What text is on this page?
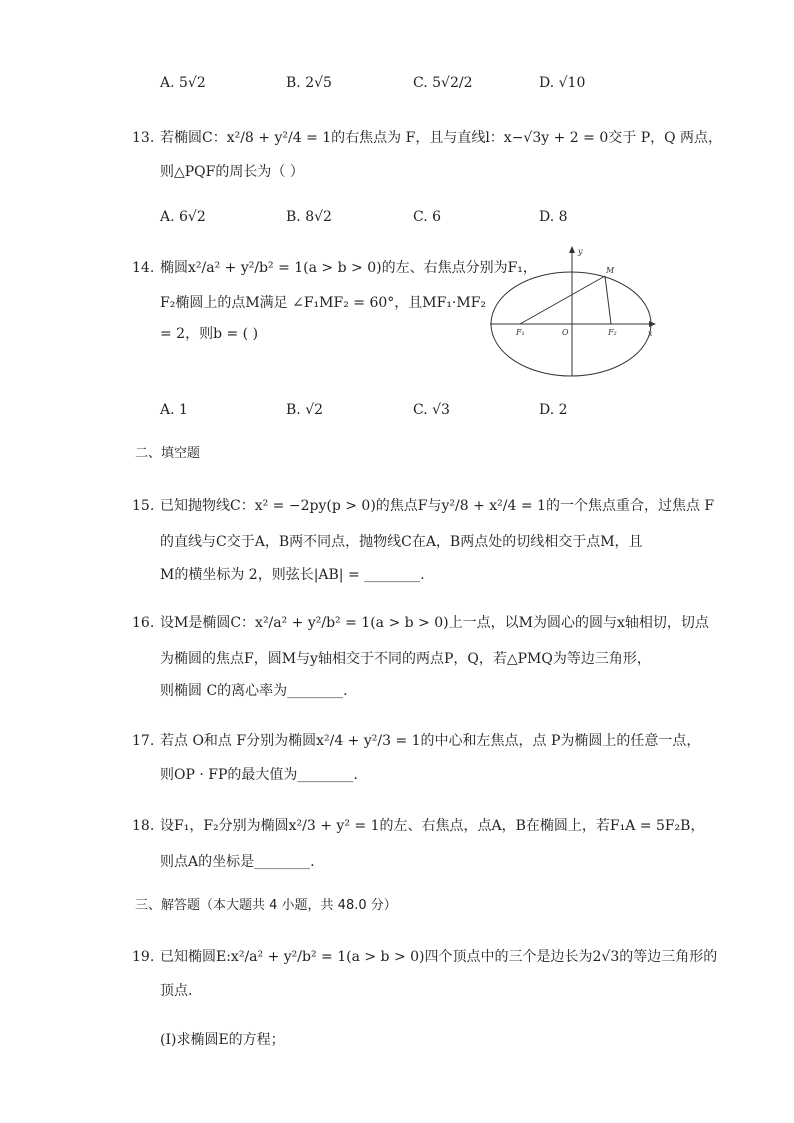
A. 5√2	B. 2√5	C. 5√2/2	D. √10
13. 若椭圆C：x²/8 + y²/4 = 1的右焦点为 F，且与直线l：x−√3y + 2 = 0交于 P，Q 两点，
则△PQF的周长为（ ）
A. 6√2	B. 8√2	C. 6	D. 8
14. 椭圆x²/a² + y²/b² = 1(a > b > 0)的左、右焦点分别为F₁，
F₂椭圆上的点M满足 ∠F₁MF₂ = 60°，且MF₁·MF₂
= 2，则b = ( )
y
x
M
O
F₁	F₂
A. 1	B. √2	C. √3	D. 2
二、填空题
15. 已知抛物线C：x² = −2py(p > 0)的焦点F与y²/8 + x²/4 = 1的一个焦点重合，过焦点 F
的直线与C交于A，B两不同点，抛物线C在A，B两点处的切线相交于点M，且
M的横坐标为 2，则弦长|AB| = ________.
16. 设M是椭圆C：x²/a² + y²/b² = 1(a > b > 0)上一点，以M为圆心的圆与x轴相切，切点
为椭圆的焦点F，圆M与y轴相交于不同的两点P，Q，若△PMQ为等边三角形，
则椭圆 C的离心率为________.
17. 若点 O和点 F分别为椭圆x²/4 + y²/3 = 1的中心和左焦点，点 P为椭圆上的任意一点，
则OP · FP的最大值为________.
18. 设F₁，F₂分别为椭圆x²/3 + y² = 1的左、右焦点，点A，B在椭圆上，若F₁A = 5F₂B，
则点A的坐标是________.
三、解答题（本大题共 4 小题，共 48.0 分）
19. 已知椭圆E:x²/a² + y²/b² = 1(a > b > 0)四个顶点中的三个是边长为2√3的等边三角形的
顶点.
(Ⅰ)求椭圆E的方程；
